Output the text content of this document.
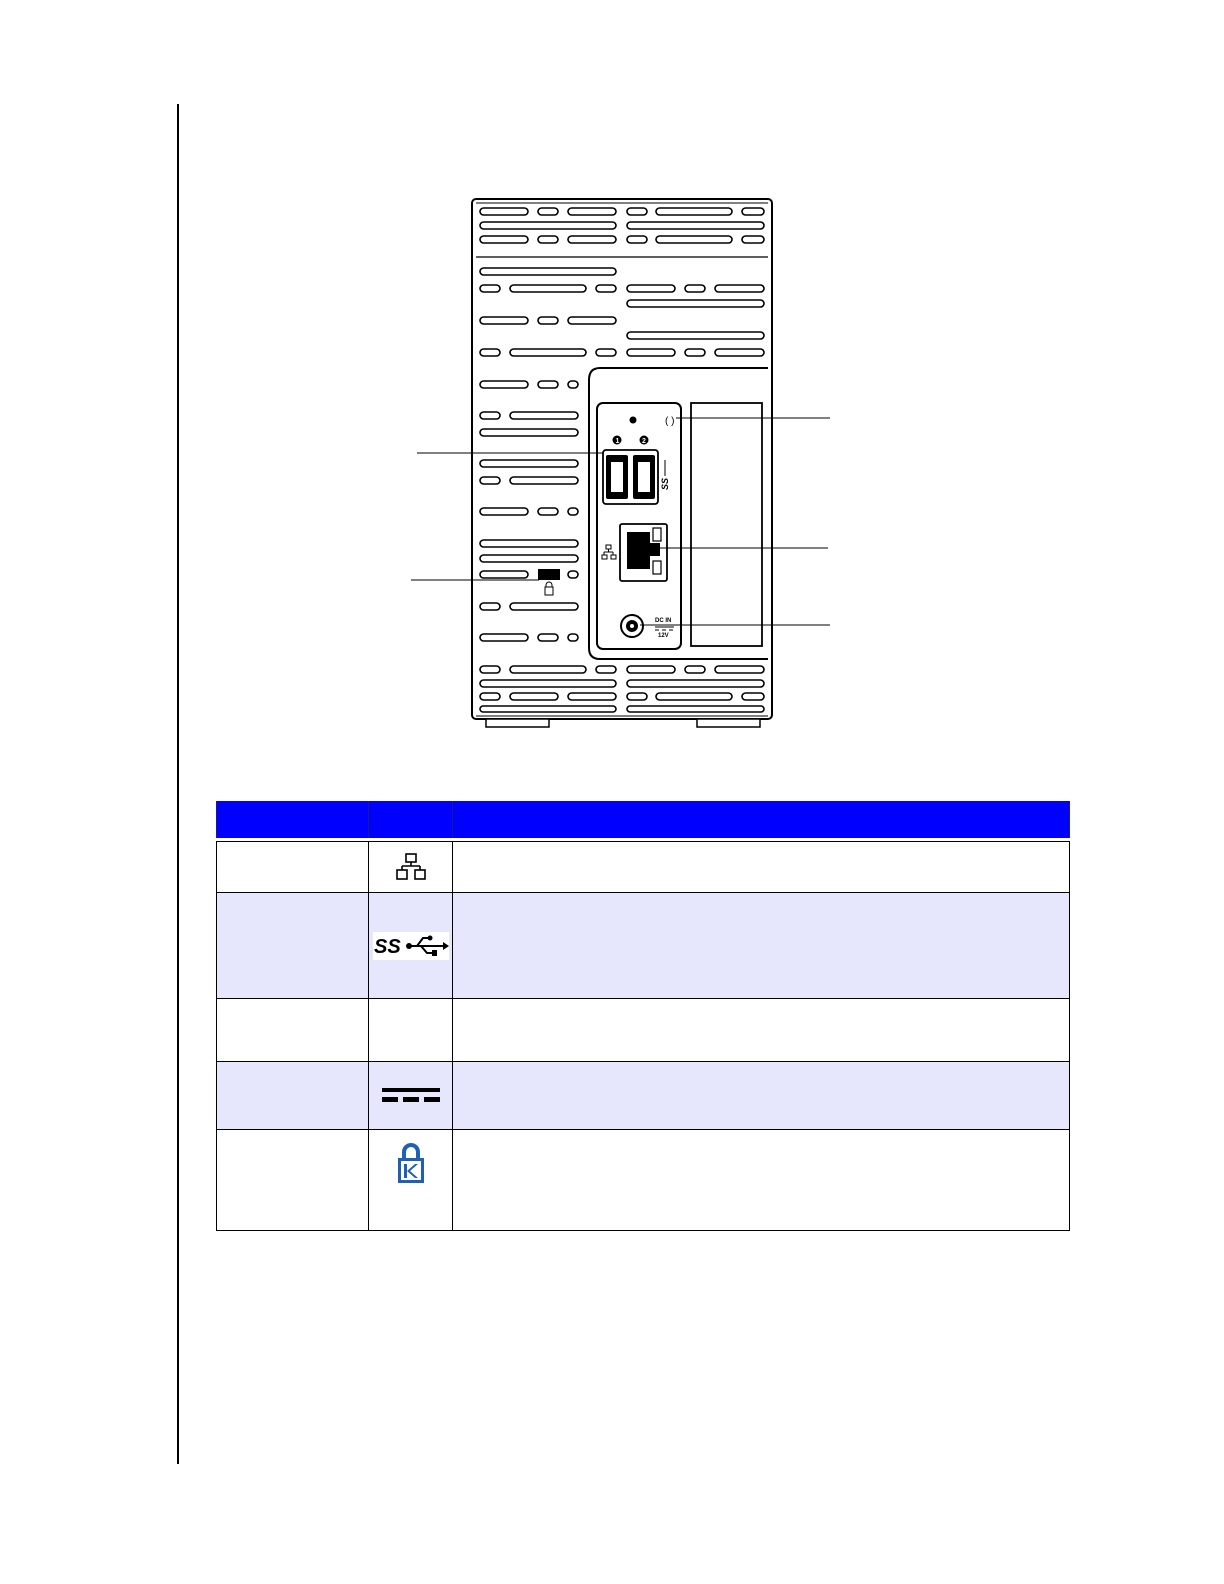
( )
1	2
SS
DC IN
12V

SS	
